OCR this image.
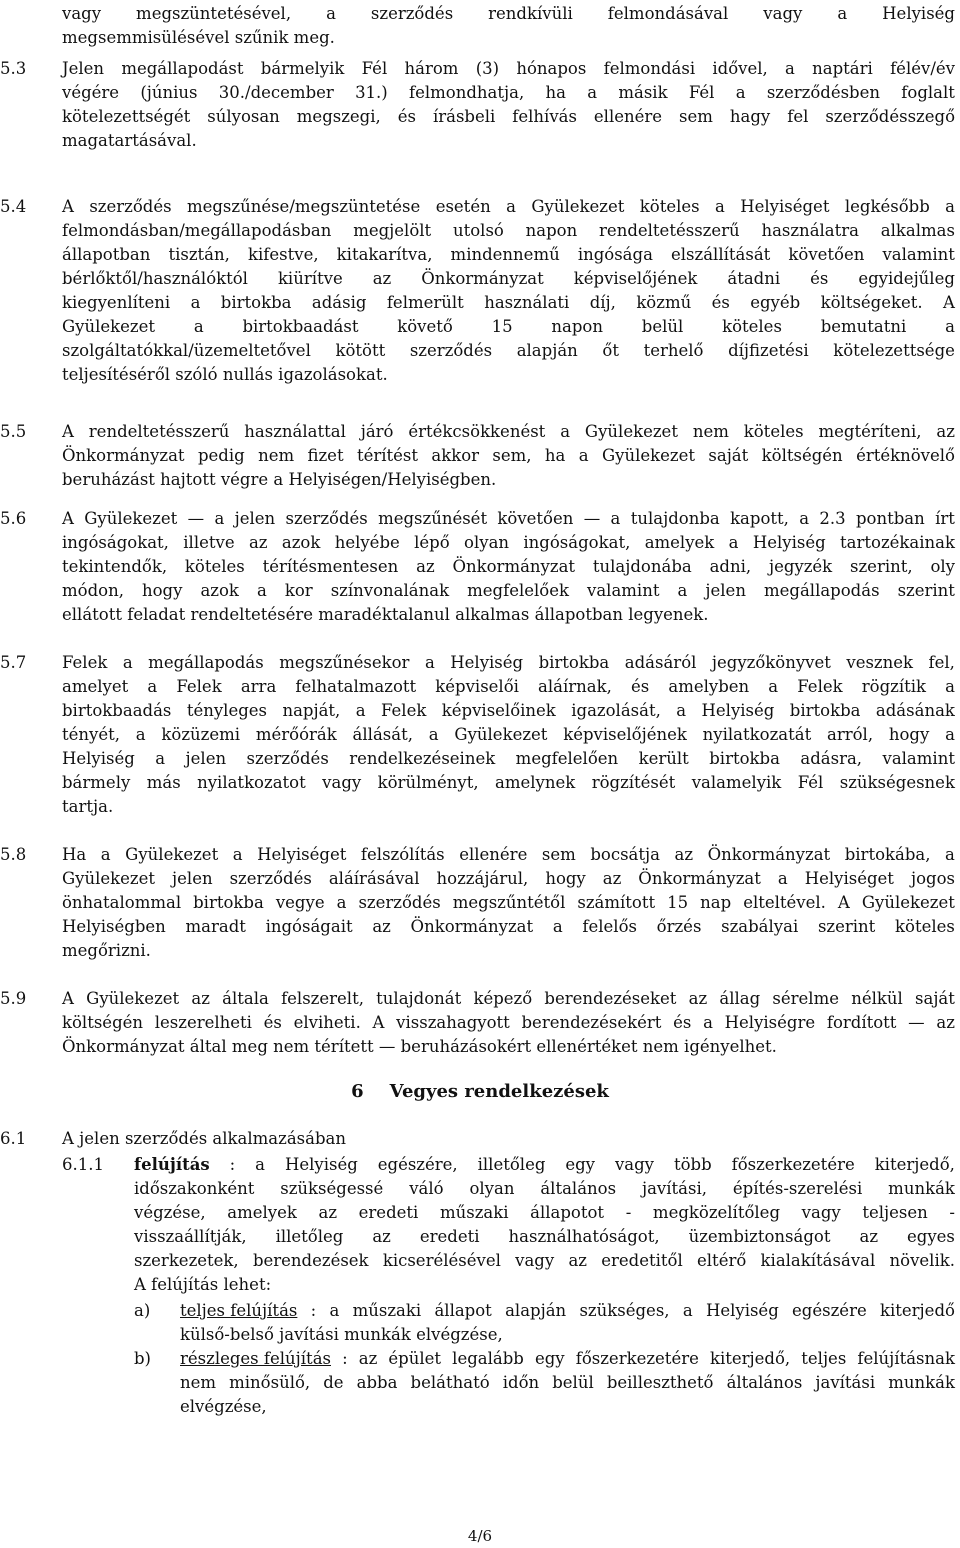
vagy megszüntetésével, a szerződés rendkívüli felmondásával vagy a Helyiség
megsemmisülésével szűnik meg.
5.3 Jelen megállapodást bármelyik Fél három (3) hónapos felmondási idővel, a naptári félév/év
végére (június 30./december 31.) felmondhatja, ha a másik Fél a szerződésben foglalt
kötelezettségét súlyosan megszegi, és írásbeli felhívás ellenére sem hagy fel szerződésszegő
magatartásával.
5.4 A szerződés megszűnése/megszüntetése esetén a Gyülekezet köteles a Helyiséget legkésőbb a
felmondásban/megállapodásban megjelölt utolsó napon rendeltetésszerű használatra alkalmas
állapotban tisztán, kifestve, kitakarítva, mindennemű ingósága elszállítását követően valamint
bérlőktől/használóktól kiürítve az Önkormányzat képviselőjének átadni és egyidejűleg
kiegyenlíteni a birtokba adásig felmerült használati díj, közmű és egyéb költségeket. A
Gyülekezet a birtokbaadást követő 15 napon belül köteles bemutatni a
szolgáltatókkal/üzemeltetővel kötött szerződés alapján őt terhelő díjfizetési kötelezettsége
teljesítéséről szóló nullás igazolásokat.
5.5 A rendeltetésszerű használattal járó értékcsökkenést a Gyülekezet nem köteles megtéríteni, az
Önkormányzat pedig nem fizet térítést akkor sem, ha a Gyülekezet saját költségén értéknövelő
beruházást hajtott végre a Helyiségen/Helyiségben.
5.6 A Gyülekezet — a jelen szerződés megszűnését követően — a tulajdonba kapott, a 2.3 pontban írt
ingóságokat, illetve az azok helyébe lépő olyan ingóságokat, amelyek a Helyiség tartozékainak
tekintendők, köteles térítésmentesen az Önkormányzat tulajdonába adni, jegyzék szerint, oly
módon, hogy azok a kor színvonalának megfelelőek valamint a jelen megállapodás szerint
ellátott feladat rendeltetésére maradéktalanul alkalmas állapotban legyenek.
5.7 Felek a megállapodás megszűnésekor a Helyiség birtokba adásáról jegyzőkönyvet vesznek fel,
amelyet a Felek arra felhatalmazott képviselői aláírnak, és amelyben a Felek rögzítik a
birtokbaadás tényleges napját, a Felek képviselőinek igazolását, a Helyiség birtokba adásának
tényét, a közüzemi mérőórák állását, a Gyülekezet képviselőjének nyilatkozatát arról, hogy a
Helyiség a jelen szerződés rendelkezéseinek megfelelően került birtokba adásra, valamint
bármely más nyilatkozatot vagy körülményt, amelynek rögzítését valamelyik Fél szükségesnek
tartja.
5.8 Ha a Gyülekezet a Helyiséget felszólítás ellenére sem bocsátja az Önkormányzat birtokába, a
Gyülekezet jelen szerződés aláírásával hozzájárul, hogy az Önkormányzat a Helyiséget jogos
önhatalommal birtokba vegye a szerződés megszűntétől számított 15 nap elteltével. A Gyülekezet
Helyiségben maradt ingóságait az Önkormányzat a felelős őrzés szabályai szerint köteles
megőrizni.
5.9 A Gyülekezet az általa felszerelt, tulajdonát képező berendezéseket az állag sérelme nélkül saját
költségén leszerelheti és elviheti. A visszahagyott berendezésekért és a Helyiségre fordított — az
Önkormányzat által meg nem térített — beruházásokért ellenértéket nem igényelhet.
6 Vegyes rendelkezések
6.1 A jelen szerződés alkalmazásában
6.1.1 felújítás : a Helyiség egészére, illetőleg egy vagy több főszerkezetére kiterjedő,
időszakonként szükségessé váló olyan általános javítási, építés-szerelési munkák
végzése, amelyek az eredeti műszaki állapotot - megközelítőleg vagy teljesen -
visszaállítják, illetőleg az eredeti használhatóságot, üzembiztonságot az egyes
szerkezetek, berendezések kicserélésével vagy az eredetitől eltérő kialakításával növelik.
A felújítás lehet:
a) teljes felújítás : a műszaki állapot alapján szükséges, a Helyiség egészére kiterjedő
külső-belső javítási munkák elvégzése,
b) részleges felújítás : az épület legalább egy főszerkezetére kiterjedő, teljes felújításnak
nem minősülő, de abba belátható időn belül beilleszthető általános javítási munkák
elvégzése,
4/6
